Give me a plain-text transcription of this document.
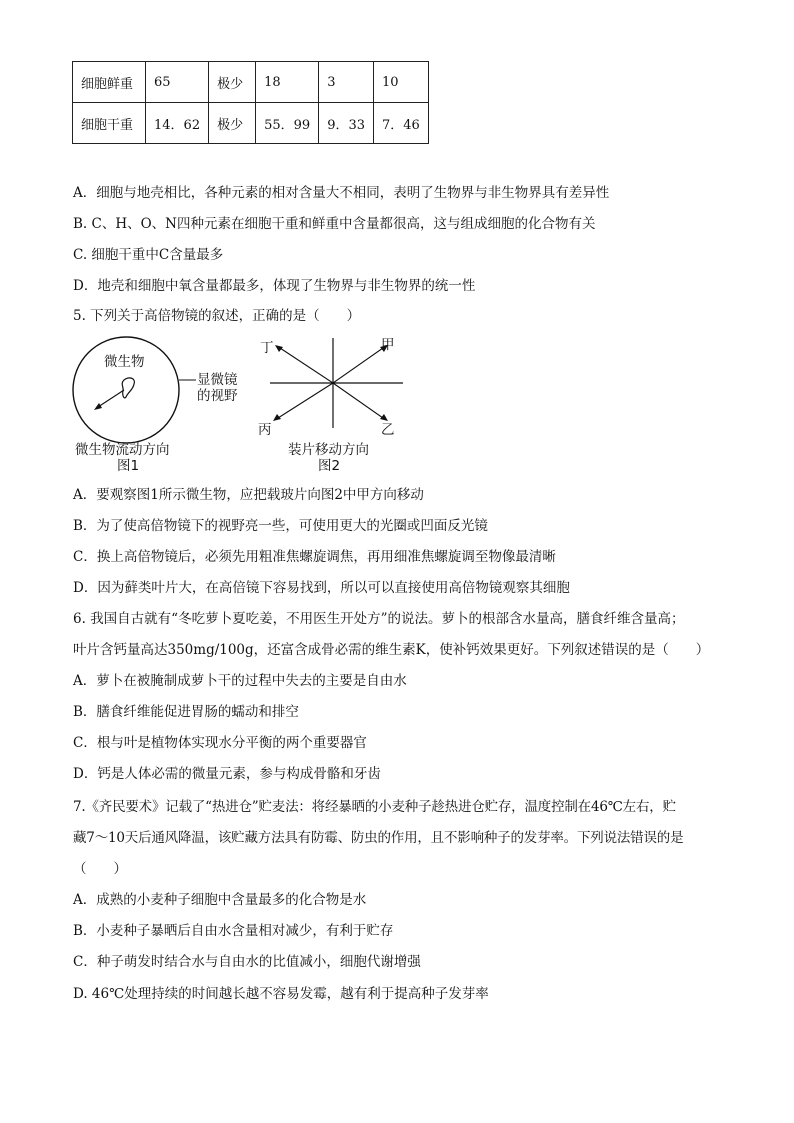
细胞鲜重	65	极少	18	3	10
细胞干重	14．62	极少	55．99	9．33	7．46
A．细胞与地壳相比，各种元素的相对含量大不相同，表明了生物界与非生物界具有差异性
B. C、H、O、N四种元素在细胞干重和鲜重中含量都很高，这与组成细胞的化合物有关
C. 细胞干重中C含量最多
D．地壳和细胞中氧含量都最多，体现了生物界与非生物界的统一性
5. 下列关于高倍物镜的叙述，正确的是（　　）
微生物
显微镜
的视野
微生物流动方向
图1
丁	甲
丙	乙
装片移动方向
图2
A．要观察图1所示微生物，应把载玻片向图2中甲方向移动
B．为了使高倍物镜下的视野亮一些，可使用更大的光圈或凹面反光镜
C．换上高倍物镜后，必须先用粗准焦螺旋调焦，再用细准焦螺旋调至物像最清晰
D．因为藓类叶片大，在高倍镜下容易找到，所以可以直接使用高倍物镜观察其细胞
6. 我国自古就有“冬吃萝卜夏吃姜，不用医生开处方”的说法。萝卜的根部含水量高，膳食纤维含量高；
叶片含钙量高达350mg/100g，还富含成骨必需的维生素K，使补钙效果更好。下列叙述错误的是（　　）
A．萝卜在被腌制成萝卜干的过程中失去的主要是自由水
B．膳食纤维能促进胃肠的蠕动和排空
C．根与叶是植物体实现水分平衡的两个重要器官
D．钙是人体必需的微量元素，参与构成骨骼和牙齿
7.《齐民要术》记载了“热进仓”贮麦法：将经暴晒的小麦种子趁热进仓贮存，温度控制在46℃左右，贮
藏7～10天后通风降温，该贮藏方法具有防霉、防虫的作用，且不影响种子的发芽率。下列说法错误的是
（　　）
A．成熟的小麦种子细胞中含量最多的化合物是水
B．小麦种子暴晒后自由水含量相对减少，有利于贮存
C．种子萌发时结合水与自由水的比值减小，细胞代谢增强
D. 46℃处理持续的时间越长越不容易发霉，越有利于提高种子发芽率
